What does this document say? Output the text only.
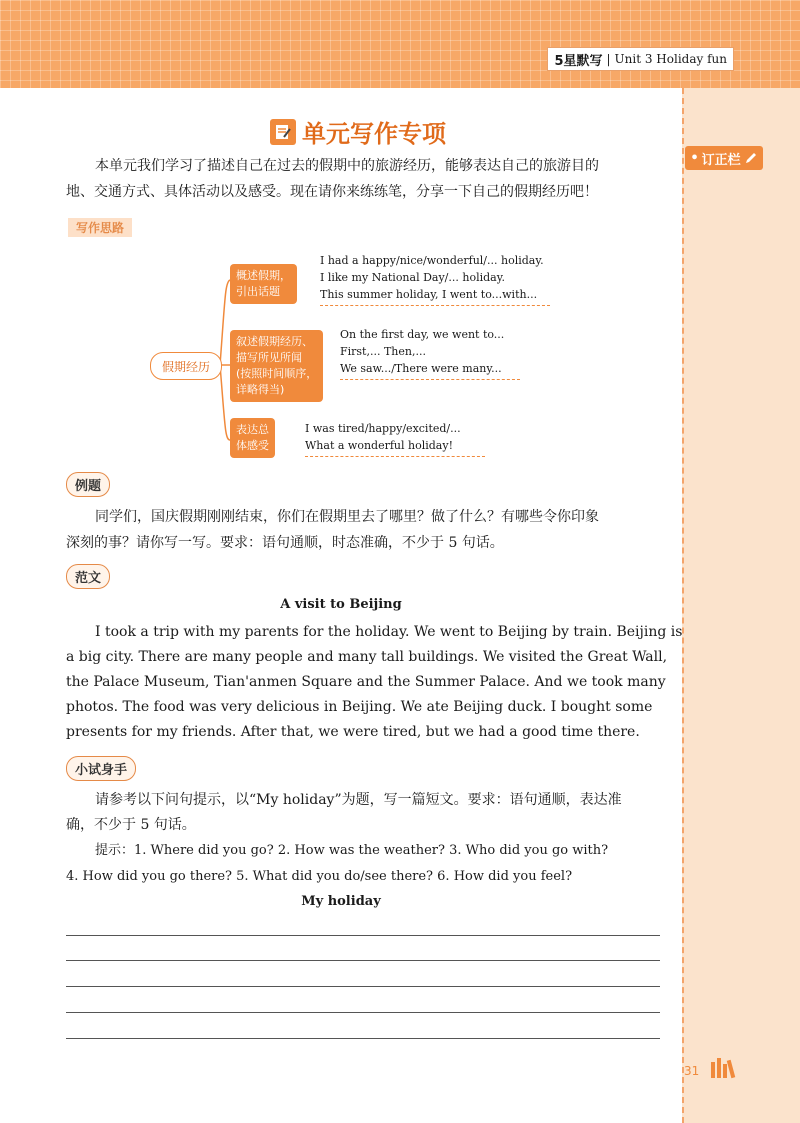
5星默写 | Unit 3 Holiday fun
• 订正栏
单元写作专项
本单元我们学习了描述自己在过去的假期中的旅游经历，能够表达自己的旅游目的
地、交通方式、具体活动以及感受。现在请你来练练笔，分享一下自己的假期经历吧！
写作思路
假期经历
概述假期，
引出话题
I had a happy/nice/wonderful/... holiday.
I like my National Day/... holiday.
This summer holiday, I went to...with...
叙述假期经历、
描写所见所闻
(按照时间顺序，
详略得当)
On the first day, we went to...
First,... Then,...
We saw.../There were many...
表达总
体感受
I was tired/happy/excited/...
What a wonderful holiday!
例题
同学们，国庆假期刚刚结束，你们在假期里去了哪里？做了什么？有哪些令你印象
深刻的事？请你写一写。要求：语句通顺，时态准确，不少于 5 句话。
范文
A visit to Beijing
I took a trip with my parents for the holiday. We went to Beijing by train. Beijing is
a big city. There are many people and many tall buildings. We visited the Great Wall,
the Palace Museum, Tian'anmen Square and the Summer Palace. And we took many
photos. The food was very delicious in Beijing. We ate Beijing duck. I bought some
presents for my friends. After that, we were tired, but we had a good time there.
小试身手
请参考以下问句提示，以“My holiday”为题，写一篇短文。要求：语句通顺，表达准
确，不少于 5 句话。
提示：1. Where did you go? 2. How was the weather? 3. Who did you go with?
4. How did you go there? 5. What did you do/see there? 6. How did you feel?
My holiday
31
